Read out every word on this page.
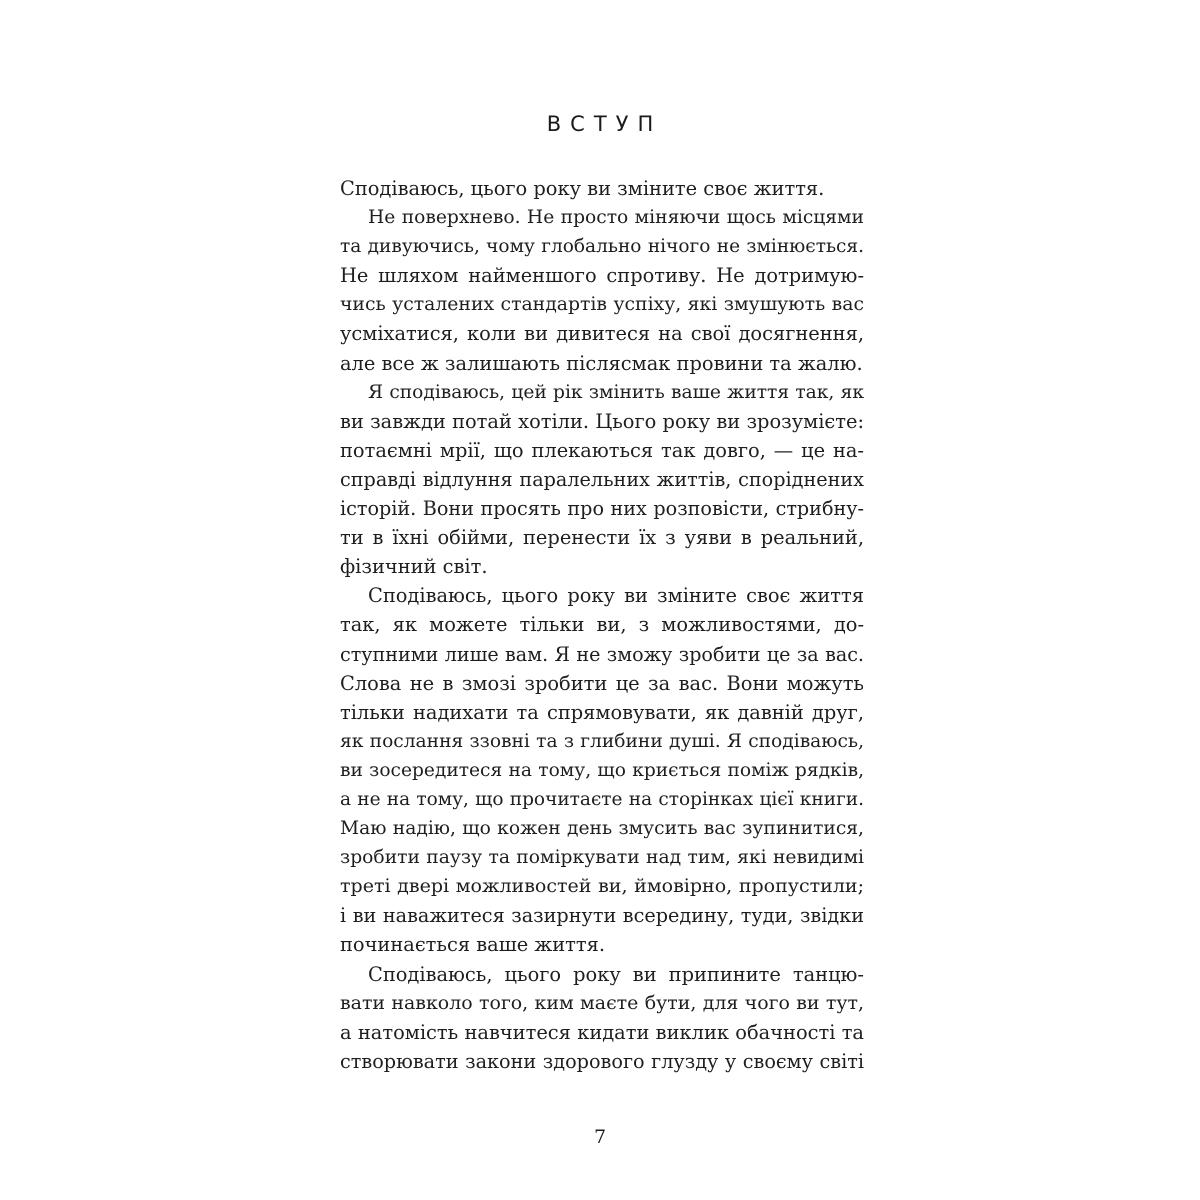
ВСТУП
Сподіваюсь, цього року ви зміните своє життя.
Не поверхнево. Не просто міняючи щось місцями
та дивуючись, чому глобально нічого не змінюється.
Не шляхом найменшого спротиву. Не дотримую-
чись усталених стандартів успіху, які змушують вас
усміхатися, коли ви дивитеся на свої досягнення,
але все ж залишають післясмак провини та жалю.
Я сподіваюсь, цей рік змінить ваше життя так, як
ви завжди потай хотіли. Цього року ви зрозумієте:
потаємні мрії, що плекаються так довго, — це на-
справді відлуння паралельних життів, споріднених
історій. Вони просять про них розповісти, стрибну-
ти в їхні обійми, перенести їх з уяви в реальний,
фізичний світ.
Сподіваюсь, цього року ви зміните своє життя
так, як можете тільки ви, з можливостями, до-
ступними лише вам. Я не зможу зробити це за вас.
Слова не в змозі зробити це за вас. Вони можуть
тільки надихати та спрямовувати, як давній друг,
як послання ззовні та з глибини душі. Я сподіваюсь,
ви зосередитеся на тому, що криється поміж рядків,
а не на тому, що прочитаєте на сторінках цієї книги.
Маю надію, що кожен день змусить вас зупинитися,
зробити паузу та поміркувати над тим, які невидимі
треті двері можливостей ви, ймовірно, пропустили;
і ви наважитеся зазирнути всередину, туди, звідки
починається ваше життя.
Сподіваюсь, цього року ви припините танцю-
вати навколо того, ким маєте бути, для чого ви тут,
а натомість навчитеся кидати виклик обачності та
створювати закони здорового глузду у своєму світі
7
